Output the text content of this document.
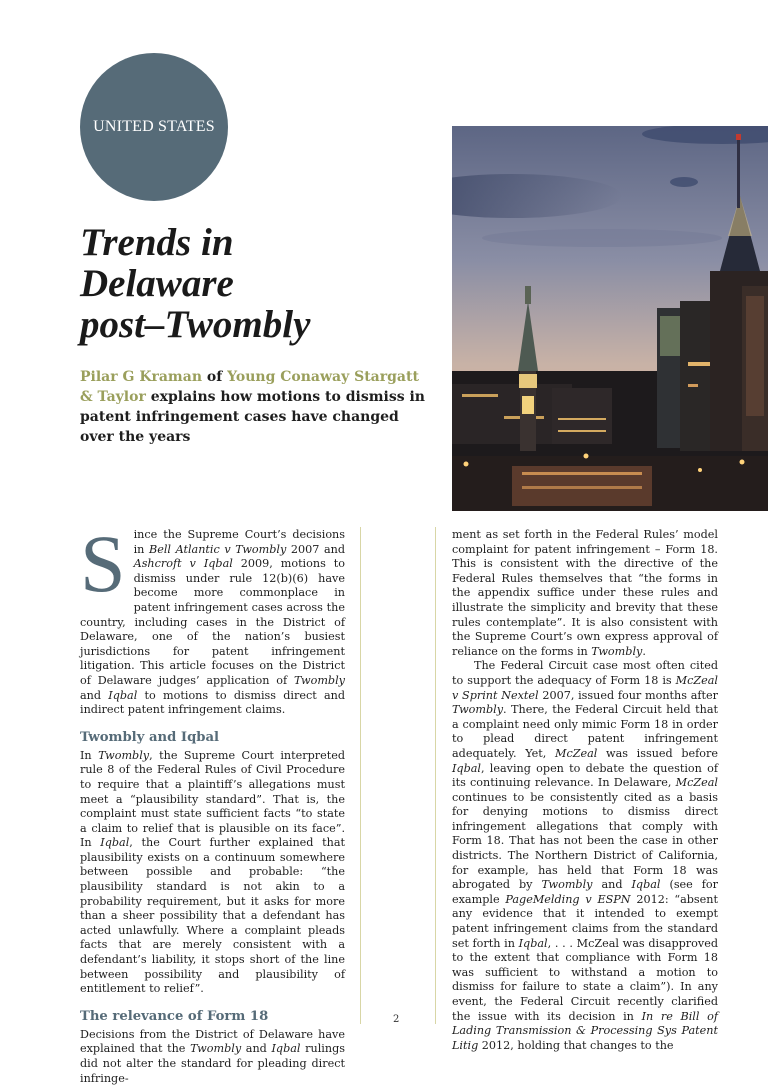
UNITED STATES
Trends in
Delaware
post–Twombly
Pilar G Kraman of Young Conaway Stargatt & Taylor explains how motions to dismiss in patent infringement cases have changed over the years

Since the Supreme Court’s decisions in Bell Atlantic v Twombly 2007 and Ashcroft v Iqbal 2009, motions to dismiss under rule 12(b)(6) have become more commonplace in patent infringement cases across the country, including cases in the District of Delaware, one of the nation’s busiest jurisdictions for patent infringement litigation. This article focuses on the District of Delaware judges’ application of Twombly and Iqbal to motions to dismiss direct and indirect patent infringement claims.

Twombly and Iqbal

In Twombly, the Supreme Court interpreted rule 8 of the Federal Rules of Civil Procedure to require that a plaintiff’s allegations must meet a “plausibility standard”. That is, the complaint must state sufficient facts “to state a claim to relief that is plausible on its face”. In Iqbal, the Court further explained that plausibility exists on a continuum somewhere between possible and probable: “the plausibility standard is not akin to a probability requirement, but it asks for more than a sheer possibility that a defendant has acted unlawfully. Where a complaint pleads facts that are merely consistent with a defendant’s liability, it stops short of the line between possibility and plausibility of entitlement to relief”.

The relevance of Form 18

Decisions from the District of Delaware have explained that the Twombly and Iqbal rulings did not alter the standard for pleading direct infringe-

ment as set forth in the Federal Rules’ model complaint for patent infringement – Form 18. This is consistent with the directive of the Federal Rules themselves that “the forms in the appendix suffice under these rules and illustrate the simplicity and brevity that these rules contemplate”. It is also consistent with the Supreme Court’s own express approval of reliance on the forms in Twombly.

The Federal Circuit case most often cited to support the adequacy of Form 18 is McZeal v Sprint Nextel 2007, issued four months after Twombly. There, the Federal Circuit held that a complaint need only mimic Form 18 in order to plead direct patent infringement adequately. Yet, McZeal was issued before Iqbal, leaving open to debate the question of its continuing relevance. In Delaware, McZeal continues to be consistently cited as a basis for denying motions to dismiss direct infringement allegations that comply with Form 18. That has not been the case in other districts. The Northern District of California, for example, has held that Form 18 was abrogated by Twombly and Iqbal (see for example PageMelding v ESPN 2012: “absent any evidence that it intended to exempt patent infringement claims from the standard set forth in Iqbal, . . . McZeal was disapproved to the extent that compliance with Form 18 was sufficient to withstand a motion to dismiss for failure to state a claim”). In any event, the Federal Circuit recently clarified the issue with its decision in In re Bill of Lading Transmission & Processing Sys Patent Litig 2012, holding that changes to the

2
